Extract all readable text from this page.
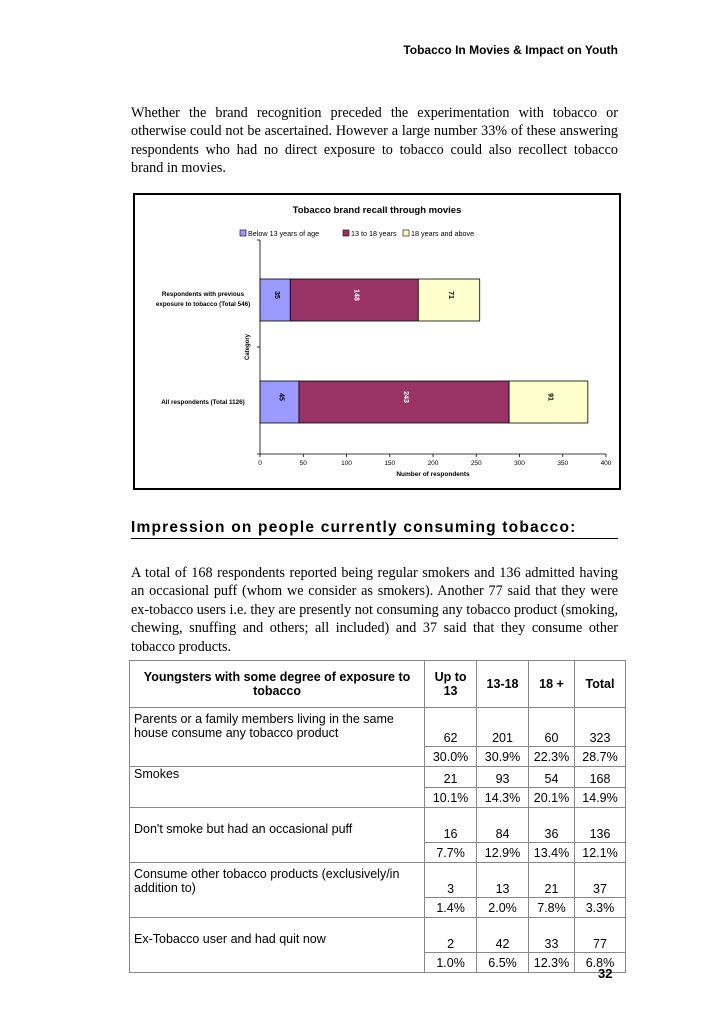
Tobacco In Movies & Impact on Youth
Whether the brand recognition preceded the experimentation with tobacco or otherwise could not be ascertained. However a large number 33% of these answering respondents who had no direct exposure to tobacco could also recollect tobacco brand in movies.
Tobacco brand recall through movies
Below 13 years of age	13 to 18 years 18 years and above
0	50	100	150	200	250	300	350	400
Number of respondents
Category
Respondents with previous
exposure to tobacco (Total 546)
35	148	71
All respondents (Total 1126)
45	243	91
Impression on people currently consuming tobacco:
A total of 168 respondents reported being regular smokers and 136 admitted having an occasional puff (whom we consider as smokers). Another 77 said that they were ex-tobacco users i.e. they are presently not consuming any tobacco product (smoking, chewing, snuffing and others; all included) and 37 said that they consume other tobacco products.
Youngsters with some degree of exposure to tobacco	Up to 13	13-18	18 +	Total
Parents or a family members living in the same house consume any tobacco product	62	201	60	323
	30.0%	30.9%	22.3%	28.7%
Smokes	21	93	54	168
	10.1%	14.3%	20.1%	14.9%
Don't smoke but had an occasional puff	16	84	36	136
	7.7%	12.9%	13.4%	12.1%
Consume other tobacco products (exclusively/in addition to)	3	13	21	37
	1.4%	2.0%	7.8%	3.3%
Ex-Tobacco user and had quit now	2	42	33	77
	1.0%	6.5%	12.3%	6.8%
32
